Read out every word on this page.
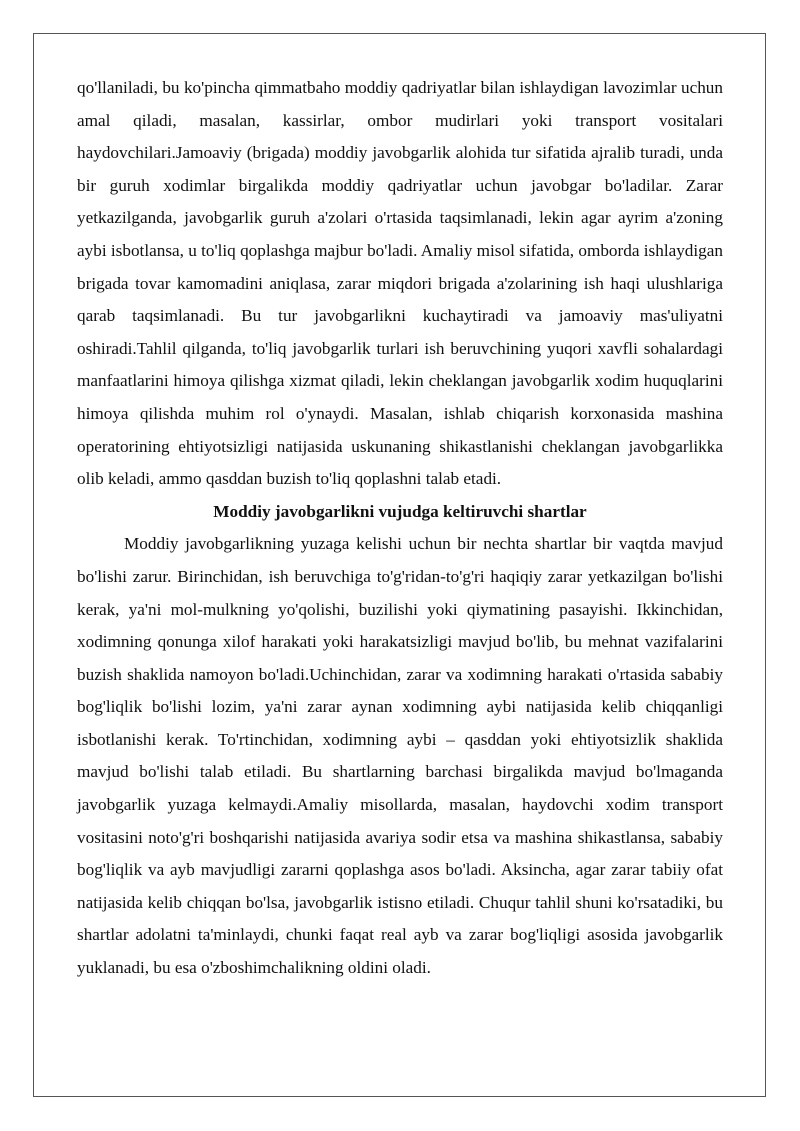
qo'llaniladi, bu ko'pincha qimmatbaho moddiy qadriyatlar bilan ishlaydigan lavozimlar uchun amal qiladi, masalan, kassirlar, ombor mudirlari yoki transport vositalari haydovchilari.Jamoaviy (brigada) moddiy javobgarlik alohida tur sifatida ajralib turadi, unda bir guruh xodimlar birgalikda moddiy qadriyatlar uchun javobgar bo'ladilar. Zarar yetkazilganda, javobgarlik guruh a'zolari o'rtasida taqsimlanadi, lekin agar ayrim a'zoning aybi isbotlansa, u to'liq qoplashga majbur bo'ladi. Amaliy misol sifatida, omborda ishlaydigan brigada tovar kamomadini aniqlasa, zarar miqdori brigada a'zolarining ish haqi ulushlariga qarab taqsimlanadi. Bu tur javobgarlikni kuchaytiradi va jamoaviy mas'uliyatni oshiradi.Tahlil qilganda, to'liq javobgarlik turlari ish beruvchining yuqori xavfli sohalardagi manfaatlarini himoya qilishga xizmat qiladi, lekin cheklangan javobgarlik xodim huquqlarini himoya qilishda muhim rol o'ynaydi. Masalan, ishlab chiqarish korxonasida mashina operatorining ehtiyotsizligi natijasida uskunaning shikastlanishi cheklangan javobgarlikka olib keladi, ammo qasddan buzish to'liq qoplashni talab etadi.

Moddiy javobgarlikni vujudga keltiruvchi shartlar

Moddiy javobgarlikning yuzaga kelishi uchun bir nechta shartlar bir vaqtda mavjud bo'lishi zarur. Birinchidan, ish beruvchiga to'g'ridan-to'g'ri haqiqiy zarar yetkazilgan bo'lishi kerak, ya'ni mol-mulkning yo'qolishi, buzilishi yoki qiymatining pasayishi. Ikkinchidan, xodimning qonunga xilof harakati yoki harakatsizligi mavjud bo'lib, bu mehnat vazifalarini buzish shaklida namoyon bo'ladi.Uchinchidan, zarar va xodimning harakati o'rtasida sababiy bog'liqlik bo'lishi lozim, ya'ni zarar aynan xodimning aybi natijasida kelib chiqqanligi isbotlanishi kerak. To'rtinchidan, xodimning aybi – qasddan yoki ehtiyotsizlik shaklida mavjud bo'lishi talab etiladi. Bu shartlarning barchasi birgalikda mavjud bo'lmaganda javobgarlik yuzaga kelmaydi.Amaliy misollarda, masalan, haydovchi xodim transport vositasini noto'g'ri boshqarishi natijasida avariya sodir etsa va mashina shikastlansa, sababiy bog'liqlik va ayb mavjudligi zararni qoplashga asos bo'ladi. Aksincha, agar zarar tabiiy ofat natijasida kelib chiqqan bo'lsa, javobgarlik istisno etiladi. Chuqur tahlil shuni ko'rsatadiki, bu shartlar adolatni ta'minlaydi, chunki faqat real ayb va zarar bog'liqligi asosida javobgarlik yuklanadi, bu esa o'zboshimchalikning oldini oladi.
